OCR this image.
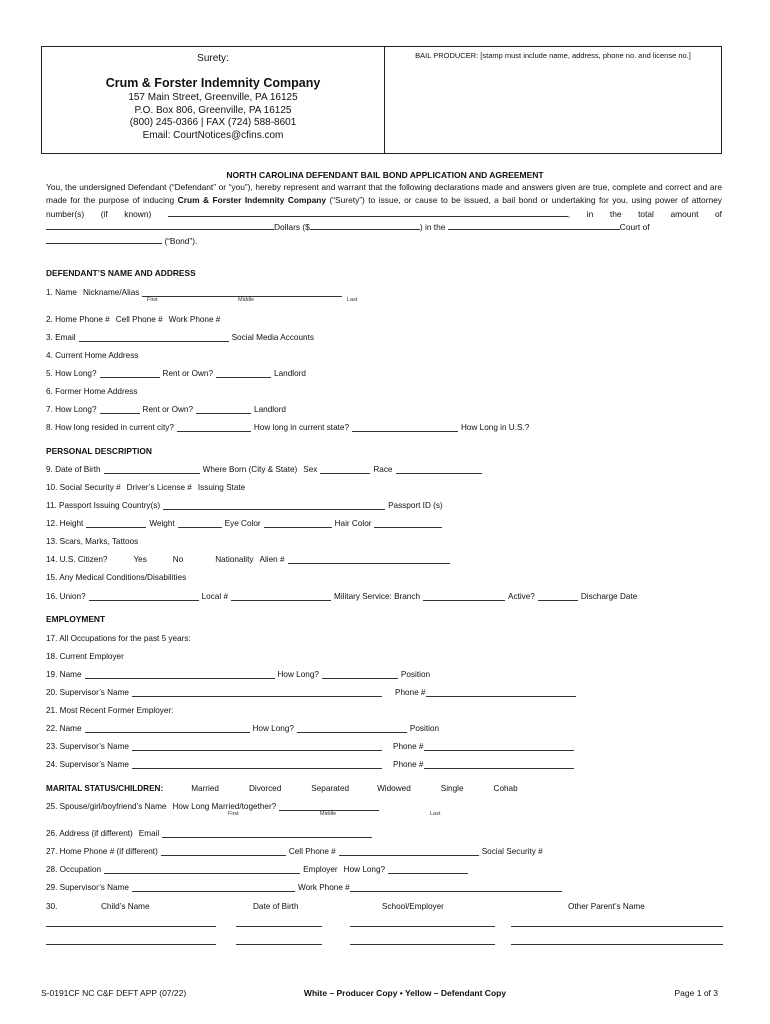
Surety:
Crum & Forster Indemnity Company
157 Main Street, Greenville, PA 16125
P.O. Box 806, Greenville, PA 16125
(800) 245-0366 | FAX (724) 588-8601
Email: CourtNotices@cfins.com
BAIL PRODUCER: [stamp must include name, address, phone no. and license no.]
NORTH CAROLINA DEFENDANT BAIL BOND APPLICATION AND AGREEMENT

You, the undersigned Defendant (“Defendant” or “you”), hereby represent and warrant that the following declarations made and answers given are true, complete and correct and are made for the purpose of inducing Crum & Forster Indemnity Company (“Surety”) to issue, or cause to be issued, a bail bond or undertaking for you, using power of attorney number(s) (if known)	, in the total amount of Dollars ($	) in the	Court of
(“Bond”).

DEFENDANT’S NAME AND ADDRESS
1. Name Nickname/Alias
First	Middle	Last
2. Home Phone # Cell Phone # Work Phone #
3. Email	Social Media Accounts
4. Current Home Address
5. How Long?	Rent or Own?	Landlord
6. Former Home Address
7. How Long?	Rent or Own?	Landlord
8. How long resided in current city?	How long in current state?	How Long in U.S.?
PERSONAL DESCRIPTION
9. Date of Birth	Where Born (City & State) Sex	Race
10. Social Security # Driver’s License # Issuing State
11. Passport Issuing Country(s)	Passport ID (s)
12. Height	Weight	Eye Color	Hair Color
13. Scars, Marks, Tattoos
14. U.S. Citizen?	Yes	No	Nationality Alien #
15. Any Medical Conditions/Disabilities
16. Union?	Local #	Military Service: Branch	Active?	Discharge Date
EMPLOYMENT
17. All Occupations for the past 5 years:
18. Current Employer
19. Name	How Long?	Position
20. Supervisor’s Name	Phone #
21. Most Recent Former Employer:
22. Name	How Long?	Position
23. Supervisor’s Name	Phone #
24. Supervisor’s Name	Phone #
MARITAL STATUS/CHILDREN:	Married	Divorced	Separated	Widowed	Single	Cohab
25. Spouse/girl/boyfriend’s Name How Long Married/together?
First	Middle	Last
26. Address (if different) Email
27. Home Phone # (if different)	Cell Phone #	Social Security #
28. Occupation	Employer How Long?
29. Supervisor’s Name	Work Phone #
30.	Child’s Name	Date of Birth	School/Employer	Other Parent’s Name
S-0191CF NC C&F DEFT APP (07/22)	White – Producer Copy • Yellow – Defendant Copy	Page 1 of 3
